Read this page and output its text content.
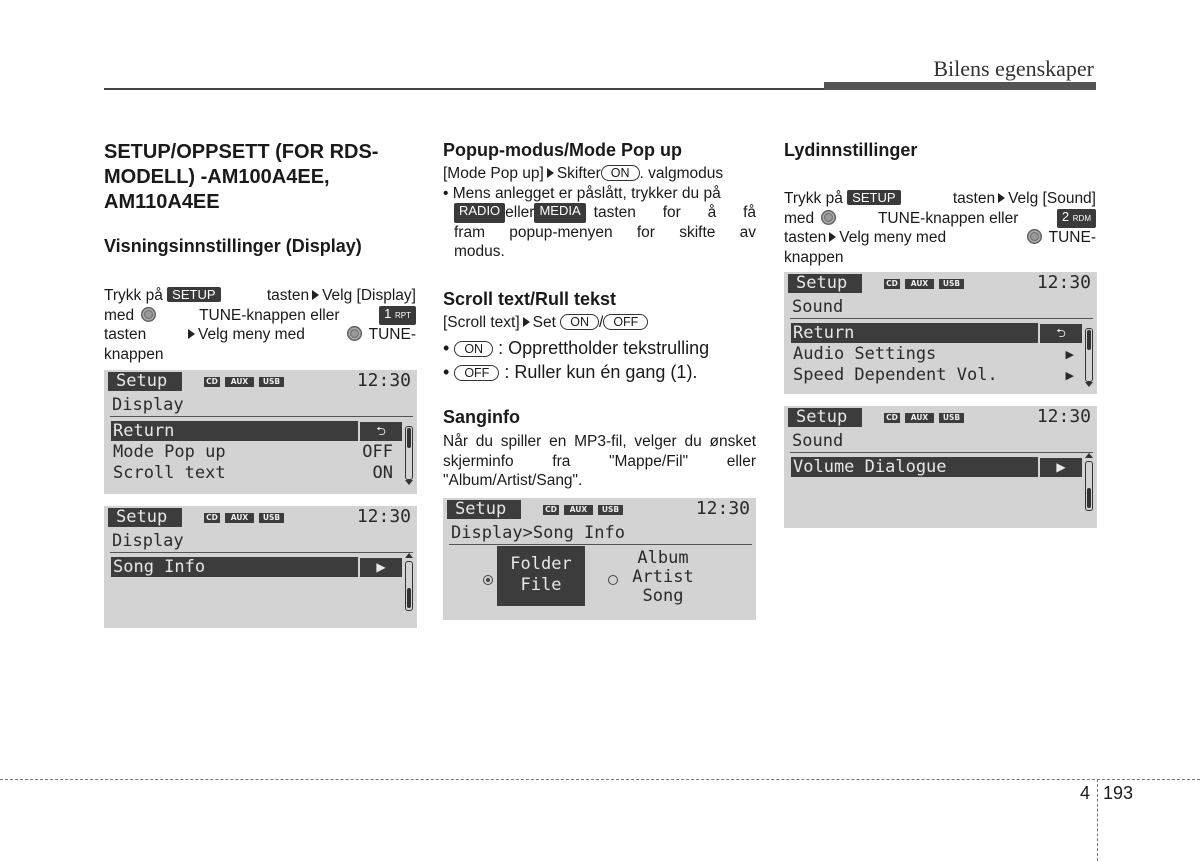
Bilens egenskaper
SETUP/OPPSETT (FOR RDS-
MODELL) -AM100A4EE,
AM110A4EE
Visningsinnstillinger (Display)
Trykk på SETUP	tasten Velg [Display]
med	TUNE-knappen eller	1 RPT
tasten	Velg meny med	TUNE-
knappen
Setup	CD	AUX	USB	12:30
Display
Return	⮌
Mode Pop up	OFF
Scroll text	ON
Setup	CD	AUX	USB	12:30
Display
Song Info	▶
Popup-modus/Mode Pop up
[Mode Pop up] Skifter ON . valgmodus
• Mens anlegget er påslått, trykker du på
RADIO eller MEDIA tasten for å få
fram popup-menyen for skifte av
modus.
Scroll text/Rull tekst
[Scroll text] Set ON / OFF
• ON : Opprettholder tekstrulling
• OFF : Ruller kun én gang (1).
Sanginfo
Når du spiller en MP3-fil, velger du ønsket skjerminfo fra "Mappe/Fil" eller "Album/Artist/Sang".
Setup	CD	AUX	USB	12:30
Display>Song Info
Folder
File
Album
Artist
Song
Lydinnstillinger
Trykk på SETUP	tasten Velg [Sound]
med	TUNE-knappen eller	2 RDM
tasten Velg meny med	TUNE-
knappen
Setup	CD	AUX	USB	12:30
Sound
Return	⮌
Audio Settings	▶
Speed Dependent Vol.	▶
Setup	CD	AUX	USB	12:30
Sound
Volume Dialogue	▶
4 193
